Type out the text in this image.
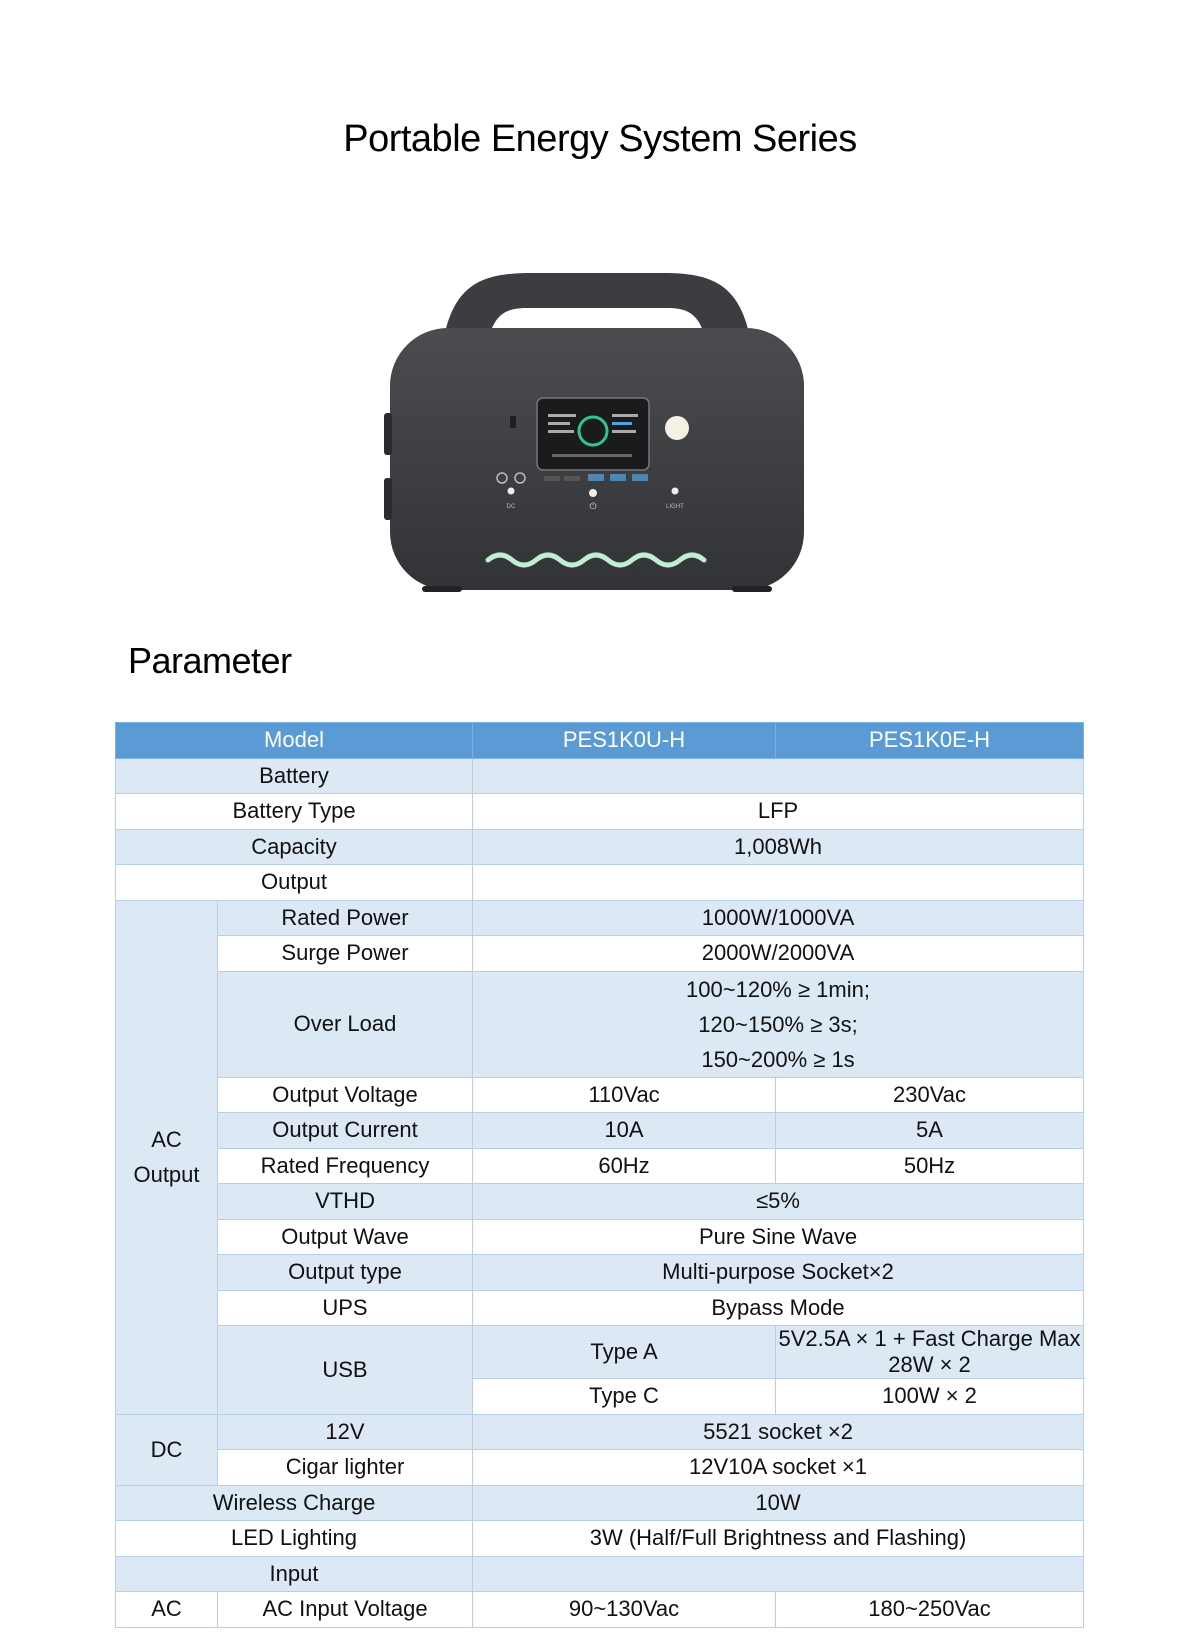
Portable Energy System Series
DC	⏻	LIGHT
Parameter
Model		PES1K0U-H	PES1K0E-H
Battery			
Battery Type		LFP	
Capacity		1,008Wh	
Output			
AC Output	Rated Power	1000W/1000VA	
	Surge Power	2000W/2000VA	
	Over Load	100~120% ≥ 1min;
120~150% ≥ 3s;
150~200% ≥ 1s	

	Output Voltage	110Vac	230Vac
	Output Current	10A	5A
	Rated Frequency	60Hz	50Hz
	VTHD	≤5%	
	Output Wave	Pure Sine Wave	
	Output type	Multi-purpose Socket×2	
	UPS	Bypass Mode	
	USB	Type A	5V2.5A × 1 + Fast Charge Max 28W × 2
		Type C	100W × 2
DC	12V	5521 socket ×2	
	Cigar lighter	12V10A socket ×1	
Wireless Charge		10W	
LED Lighting		3W (Half/Full Brightness and Flashing)	
Input			
AC	AC Input Voltage	90~130Vac	180~250Vac
